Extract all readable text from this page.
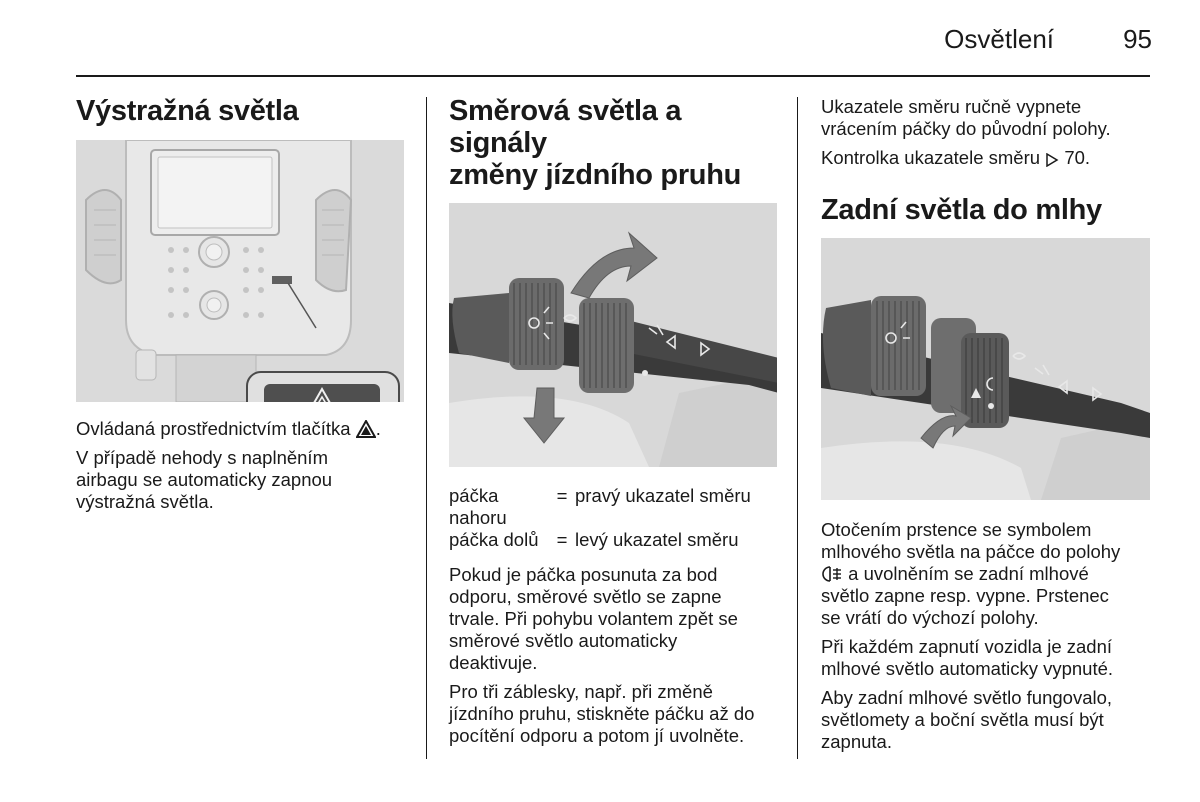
Osvětlení	95
Výstražná světla

Ovládaná prostřednictvím tlačítka .

V případě nehody s naplněním
airbagu se automaticky zapnou
výstražná světla.

Směrová světla a signály
změny jízdního pruhu
páčka
nahoru	=	pravý ukazatel směru
páčka dolů	=	levý ukazatel směru

Pokud je páčka posunuta za bod
odporu, směrové světlo se zapne
trvale. Při pohybu volantem zpět se
směrové světlo automaticky
deaktivuje.

Pro tři záblesky, např. při změně
jízdního pruhu, stiskněte páčku až do
pocítění odporu a potom jí uvolněte.

Ukazatele směru ručně vypnete
vrácením páčky do původní polohy.

Kontrolka ukazatele směru 70.

Zadní světla do mlhy

Otočením prstence se symbolem
mlhového světla na páčce do polohy
a uvolněním se zadní mlhové
světlo zapne resp. vypne. Prstenec
se vrátí do výchozí polohy.

Při každém zapnutí vozidla je zadní
mlhové světlo automaticky vypnuté.

Aby zadní mlhové světlo fungovalo,
světlomety a boční světla musí být
zapnuta.
